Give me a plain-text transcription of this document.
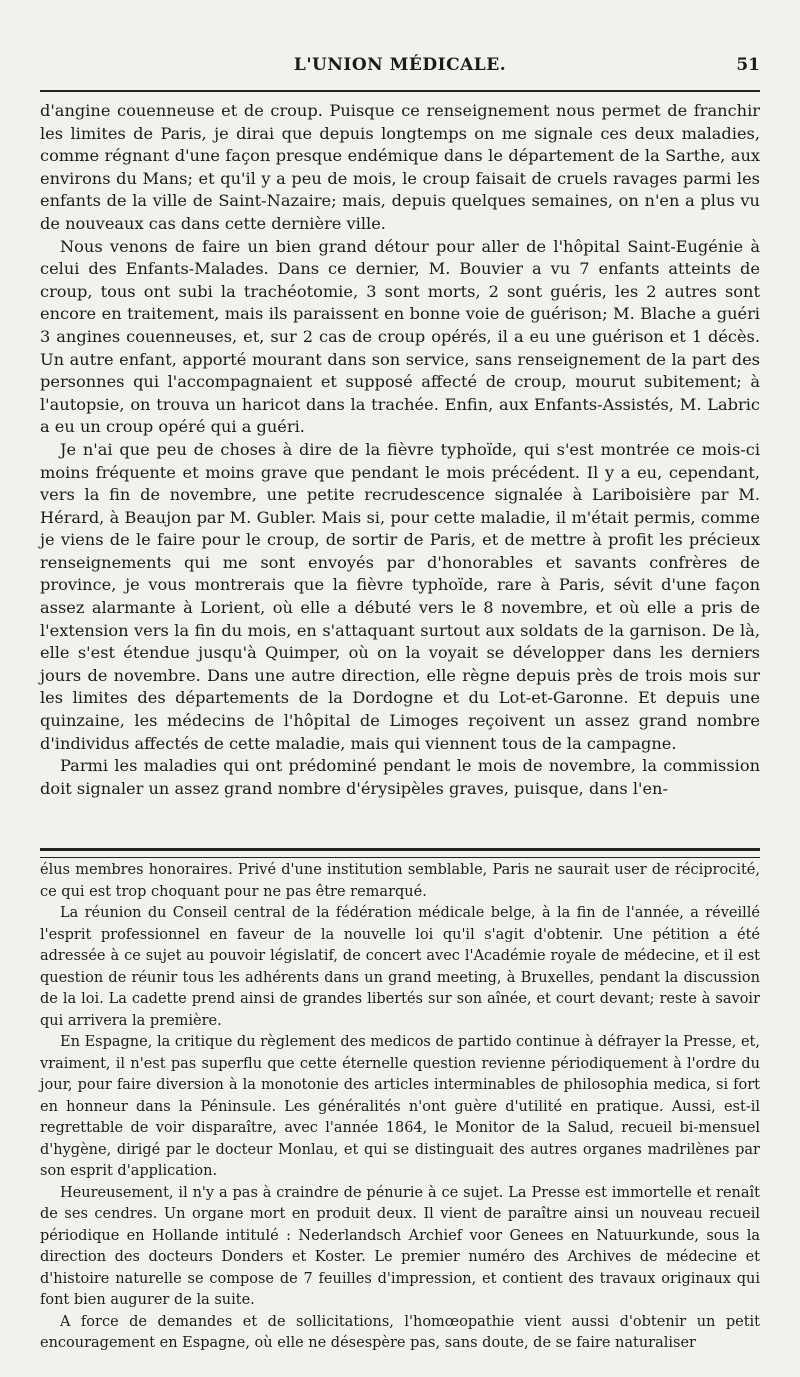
L'UNION MÉDICALE.	51

d'angine couenneuse et de croup. Puisque ce renseignement nous permet de franchir les limites de Paris, je dirai que depuis longtemps on me signale ces deux maladies, comme régnant d'une façon presque endémique dans le département de la Sarthe, aux environs du Mans; et qu'il y a peu de mois, le croup faisait de cruels ravages parmi les enfants de la ville de Saint-Nazaire; mais, depuis quelques semaines, on n'en a plus vu de nouveaux cas dans cette dernière ville.

Nous venons de faire un bien grand détour pour aller de l'hôpital Saint-Eugénie à celui des Enfants-Malades. Dans ce dernier, M. Bouvier a vu 7 enfants atteints de croup, tous ont subi la trachéotomie, 3 sont morts, 2 sont guéris, les 2 autres sont encore en traitement, mais ils paraissent en bonne voie de guérison; M. Blache a guéri 3 angines couenneuses, et, sur 2 cas de croup opérés, il a eu une guérison et 1 décès. Un autre enfant, apporté mourant dans son service, sans renseignement de la part des personnes qui l'accompagnaient et supposé affecté de croup, mourut subitement; à l'autopsie, on trouva un haricot dans la trachée. Enfin, aux Enfants-Assistés, M. Labric a eu un croup opéré qui a guéri.

Je n'ai que peu de choses à dire de la fièvre typhoïde, qui s'est montrée ce mois-ci moins fréquente et moins grave que pendant le mois précédent. Il y a eu, cependant, vers la fin de novembre, une petite recrudescence signalée à Lariboisière par M. Hérard, à Beaujon par M. Gubler. Mais si, pour cette maladie, il m'était permis, comme je viens de le faire pour le croup, de sortir de Paris, et de mettre à profit les précieux renseignements qui me sont envoyés par d'honorables et savants confrères de province, je vous montrerais que la fièvre typhoïde, rare à Paris, sévit d'une façon assez alarmante à Lorient, où elle a débuté vers le 8 novembre, et où elle a pris de l'extension vers la fin du mois, en s'attaquant surtout aux soldats de la garnison. De là, elle s'est étendue jusqu'à Quimper, où on la voyait se développer dans les derniers jours de novembre. Dans une autre direction, elle règne depuis près de trois mois sur les limites des départements de la Dordogne et du Lot-et-Garonne. Et depuis une quinzaine, les médecins de l'hôpital de Limoges reçoivent un assez grand nombre d'individus affectés de cette maladie, mais qui viennent tous de la campagne.

Parmi les maladies qui ont prédominé pendant le mois de novembre, la commission doit signaler un assez grand nombre d'érysipèles graves, puisque, dans l'en-

élus membres honoraires. Privé d'une institution semblable, Paris ne saurait user de réciprocité, ce qui est trop choquant pour ne pas être remarqué.

La réunion du Conseil central de la fédération médicale belge, à la fin de l'année, a réveillé l'esprit professionnel en faveur de la nouvelle loi qu'il s'agit d'obtenir. Une pétition a été adressée à ce sujet au pouvoir législatif, de concert avec l'Académie royale de médecine, et il est question de réunir tous les adhérents dans un grand meeting, à Bruxelles, pendant la discussion de la loi. La cadette prend ainsi de grandes libertés sur son aînée, et court devant; reste à savoir qui arrivera la première.

En Espagne, la critique du règlement des medicos de partido continue à défrayer la Presse, et, vraiment, il n'est pas superflu que cette éternelle question revienne périodiquement à l'ordre du jour, pour faire diversion à la monotonie des articles interminables de philosophia medica, si fort en honneur dans la Péninsule. Les généralités n'ont guère d'utilité en pratique. Aussi, est-il regrettable de voir disparaître, avec l'année 1864, le Monitor de la Salud, recueil bi-mensuel d'hygène, dirigé par le docteur Monlau, et qui se distinguait des autres organes madrilènes par son esprit d'application.

Heureusement, il n'y a pas à craindre de pénurie à ce sujet. La Presse est immortelle et renaît de ses cendres. Un organe mort en produit deux. Il vient de paraître ainsi un nouveau recueil périodique en Hollande intitulé : Nederlandsch Archief voor Genees en Natuurkunde, sous la direction des docteurs Donders et Koster. Le premier numéro des Archives de médecine et d'histoire naturelle se compose de 7 feuilles d'impression, et contient des travaux originaux qui font bien augurer de la suite.

A force de demandes et de sollicitations, l'homœopathie vient aussi d'obtenir un petit encouragement en Espagne, où elle ne désespère pas, sans doute, de se faire naturaliser
